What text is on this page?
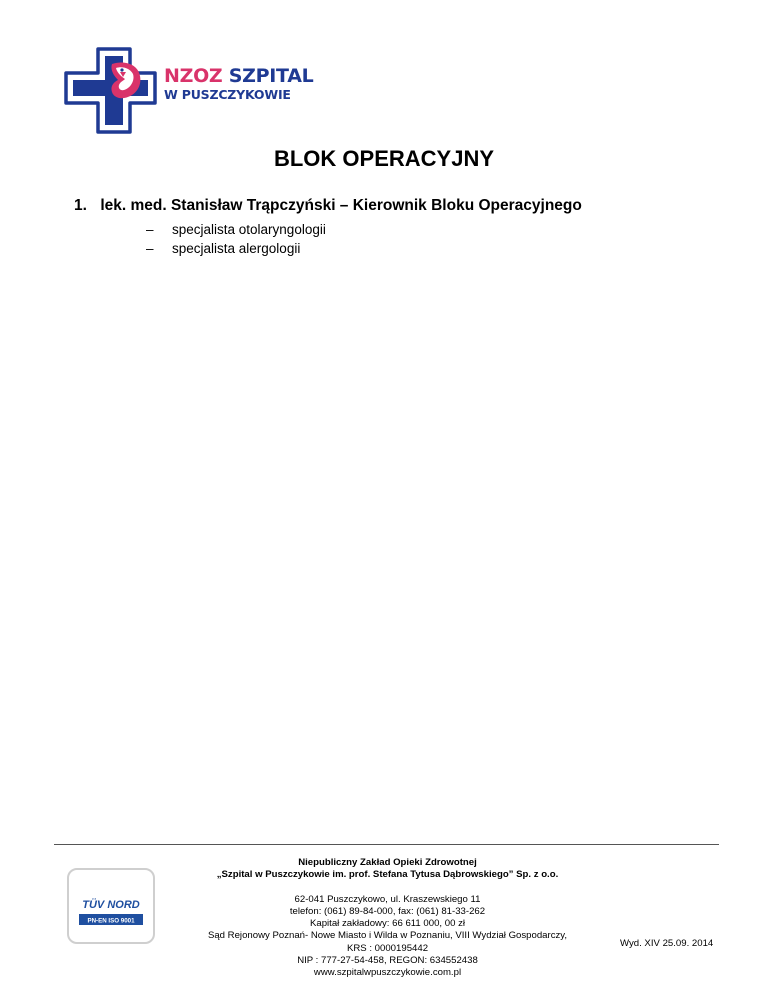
NZOZ SZPITAL
W PUSZCZYKOWIE
BLOK OPERACYJNY
1. lek. med. Stanisław Trąpczyński – Kierownik Bloku Operacyjnego
–	specjalista otolaryngologii
–	specjalista alergologii
TÜV NORD
PN-EN ISO 9001
Niepubliczny Zakład Opieki Zdrowotnej
„Szpital w Puszczykowie im. prof. Stefana Tytusa Dąbrowskiego” Sp. z o.o.
62-041 Puszczykowo, ul. Kraszewskiego 11
telefon: (061) 89-84-000, fax: (061) 81-33-262
Kapitał zakładowy: 66 611 000, 00 zł
Sąd Rejonowy Poznań- Nowe Miasto i Wilda w Poznaniu, VIII Wydział Gospodarczy,
KRS : 0000195442
NIP : 777-27-54-458, REGON: 634552438
www.szpitalwpuszczykowie.com.pl
Wyd. XIV 25.09. 2014
